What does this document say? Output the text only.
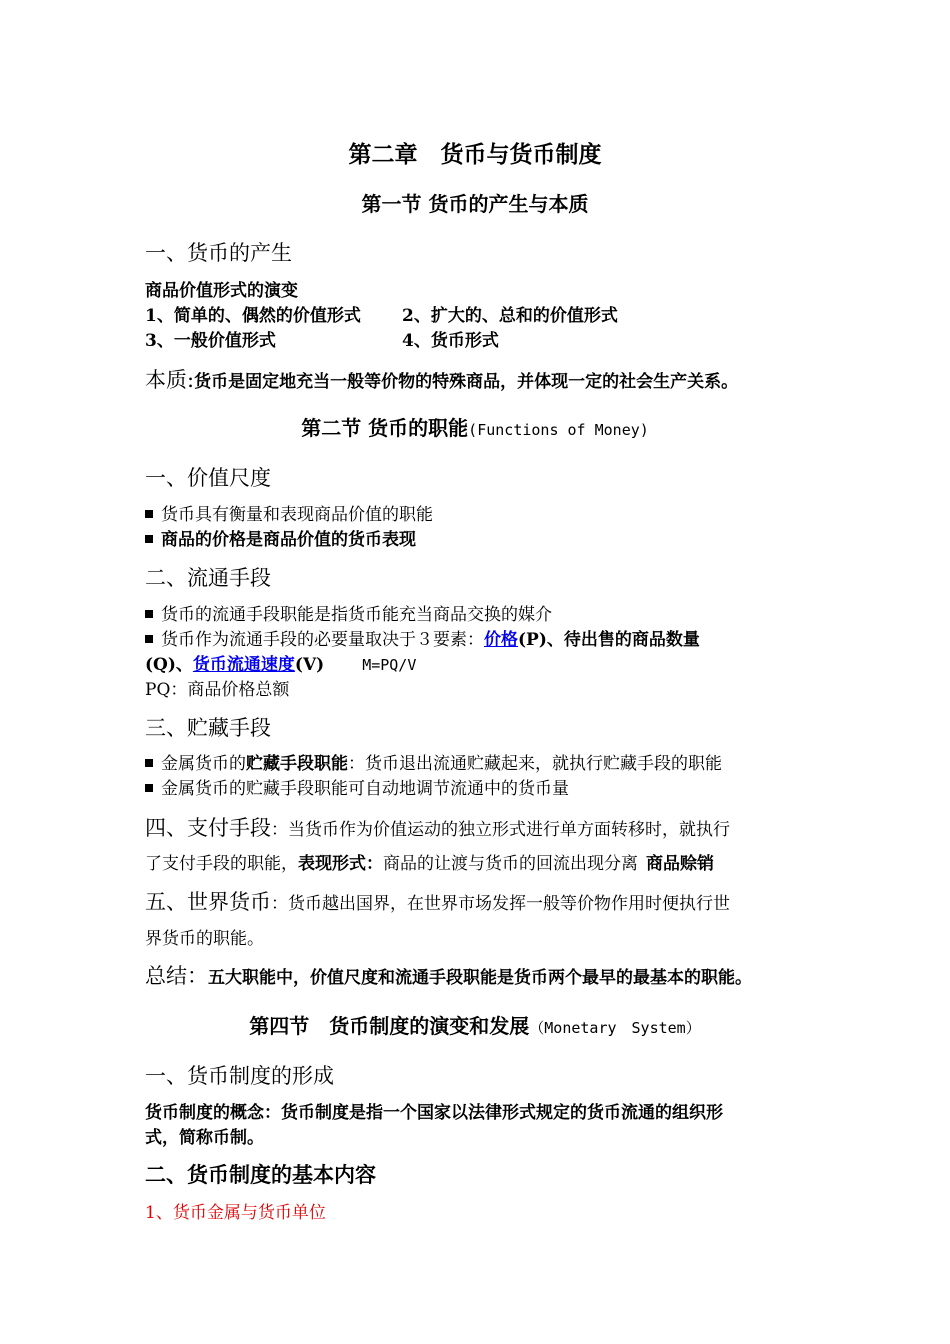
第二章　货币与货币制度
第一节 货币的产生与本质
一、货币的产生
商品价值形式的演变
1、简单的、偶然的价值形式 2、扩大的、总和的价值形式
3、一般价值形式	4、货币形式
本质:货币是固定地充当一般等价物的特殊商品，并体现一定的社会生产关系。
第二节 货币的职能(Functions of Money)
一、价值尺度
货币具有衡量和表现商品价值的职能
商品的价格是商品价值的货币表现
二、流通手段
货币的流通手段职能是指货币能充当商品交换的媒介
货币作为流通手段的必要量取决于３要素：价格(P)、待出售的商品数量
(Q)、货币流通速度(V)	M=PQ/V
PQ：商品价格总额
三、贮藏手段
金属货币的贮藏手段职能：货币退出流通贮藏起来，就执行贮藏手段的职能
金属货币的贮藏手段职能可自动地调节流通中的货币量
四、支付手段：当货币作为价值运动的独立形式进行单方面转移时，就执行
了支付手段的职能，表现形式：商品的让渡与货币的回流出现分离 商品赊销
五、世界货币：货币越出国界，在世界市场发挥一般等价物作用时便执行世
界货币的职能。
总结：五大职能中，价值尺度和流通手段职能是货币两个最早的最基本的职能。
第四节　货币制度的演变和发展（Monetary　System）
一、货币制度的形成
货币制度的概念：货币制度是指一个国家以法律形式规定的货币流通的组织形
式，简称币制。
二、货币制度的基本内容
1、货币金属与货币单位
